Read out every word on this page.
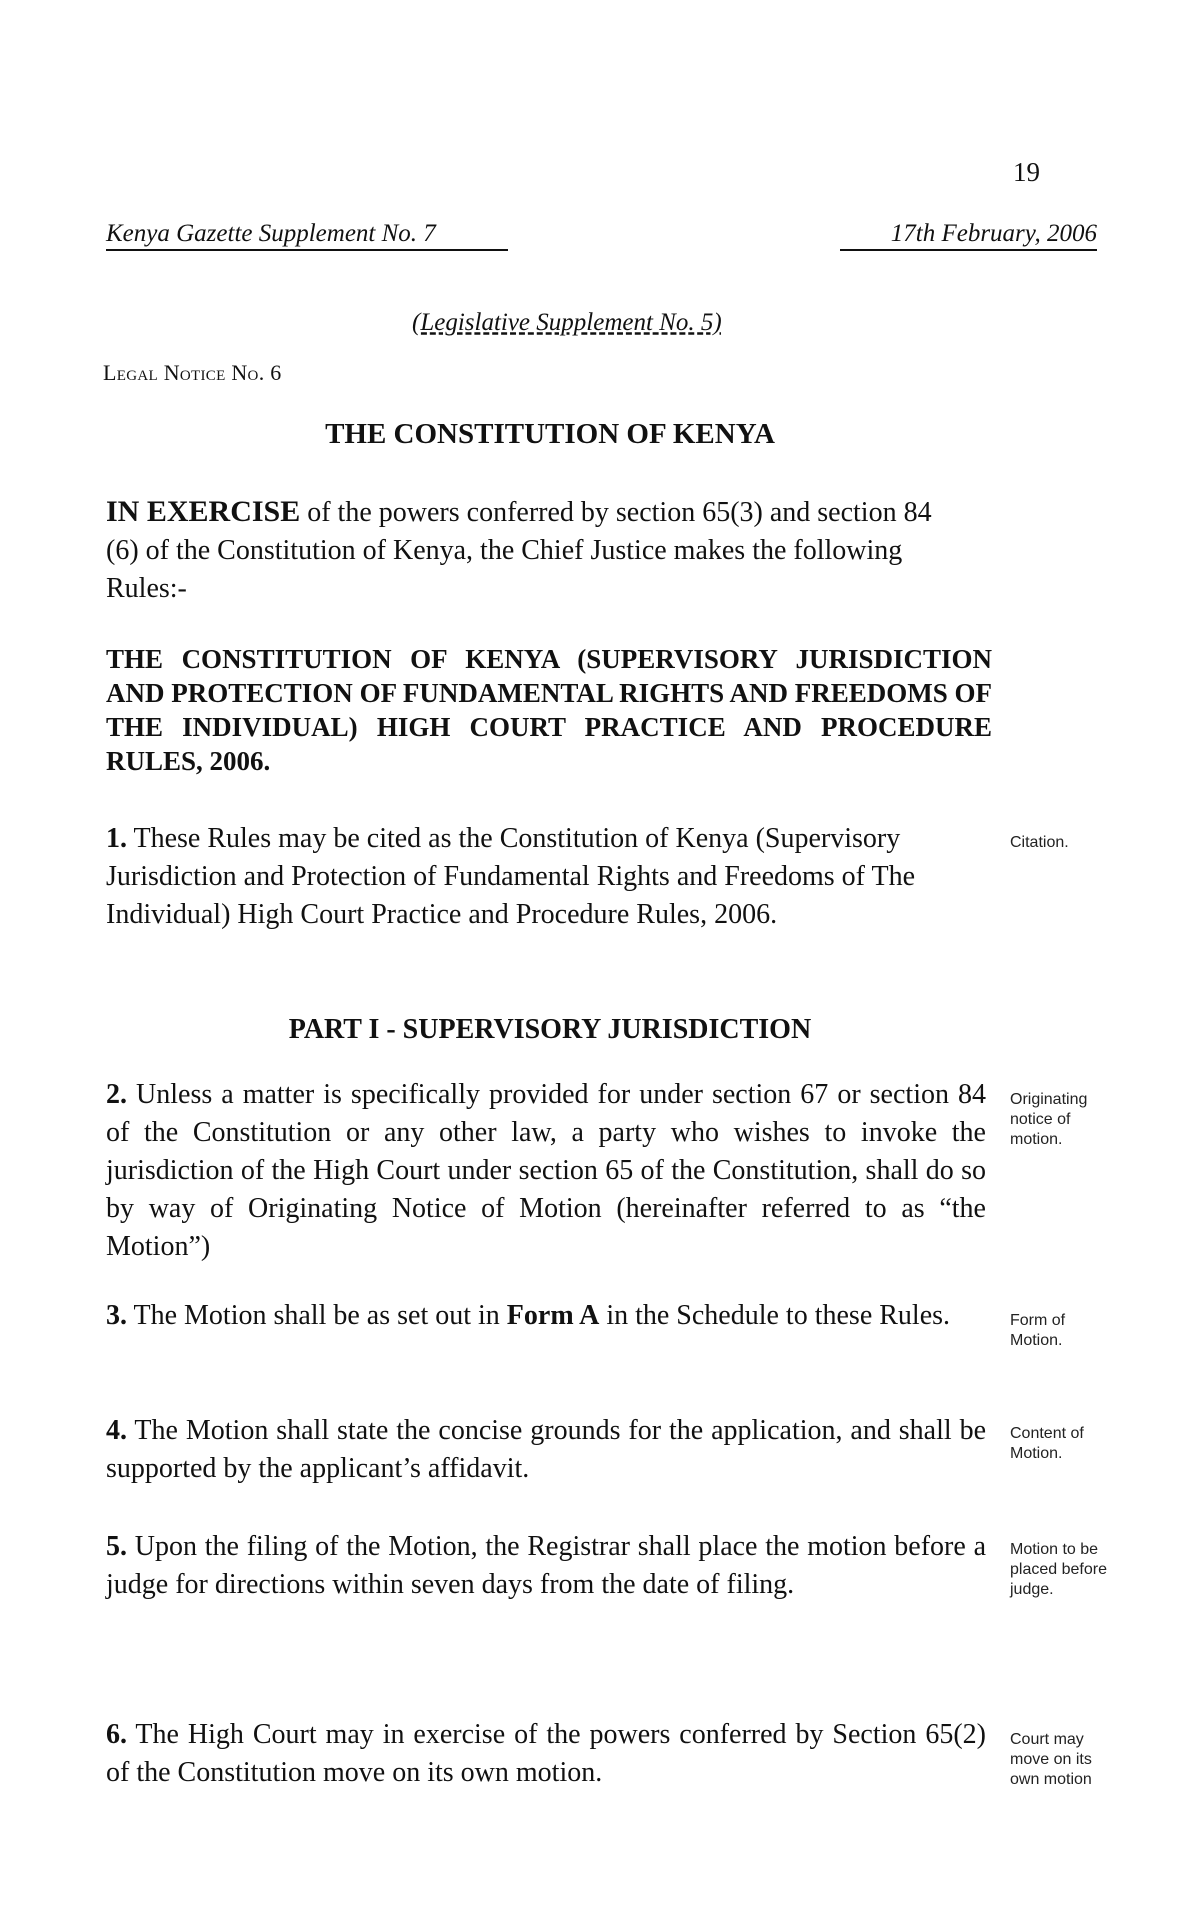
19
Kenya Gazette Supplement No. 7	17th February, 2006
(Legislative Supplement No. 5)
Legal Notice No. 6
THE CONSTITUTION OF KENYA
IN EXERCISE of the powers conferred by section 65(3) and section 84 (6) of the Constitution of Kenya, the Chief Justice makes the following Rules:-
THE CONSTITUTION OF KENYA (SUPERVISORY JURISDICTION AND PROTECTION OF FUNDAMENTAL RIGHTS AND FREEDOMS OF THE INDIVIDUAL) HIGH COURT PRACTICE AND PROCEDURE RULES, 2006.
1. These Rules may be cited as the Constitution of Kenya (Supervisory Jurisdiction and Protection of Fundamental Rights and Freedoms of The Individual) High Court Practice and Procedure Rules, 2006.
Citation.
PART I - SUPERVISORY JURISDICTION
2. Unless a matter is specifically provided for under section 67 or section 84 of the Constitution or any other law, a party who wishes to invoke the jurisdiction of the High Court under section 65 of the Constitution, shall do so by way of Originating Notice of Motion (hereinafter referred to as “the Motion”)
Originating notice of motion.
3. The Motion shall be as set out in Form A in the Schedule to these Rules.	Form of Motion.
4. The Motion shall state the concise grounds for the application, and shall be supported by the applicant’s affidavit.
Content of Motion.
5. Upon the filing of the Motion, the Registrar shall place the motion before a judge for directions within seven days from the date of filing.
Motion to be placed before judge.
6. The High Court may in exercise of the powers conferred by Section 65(2) of the Constitution move on its own motion.
Court may move on its own motion
